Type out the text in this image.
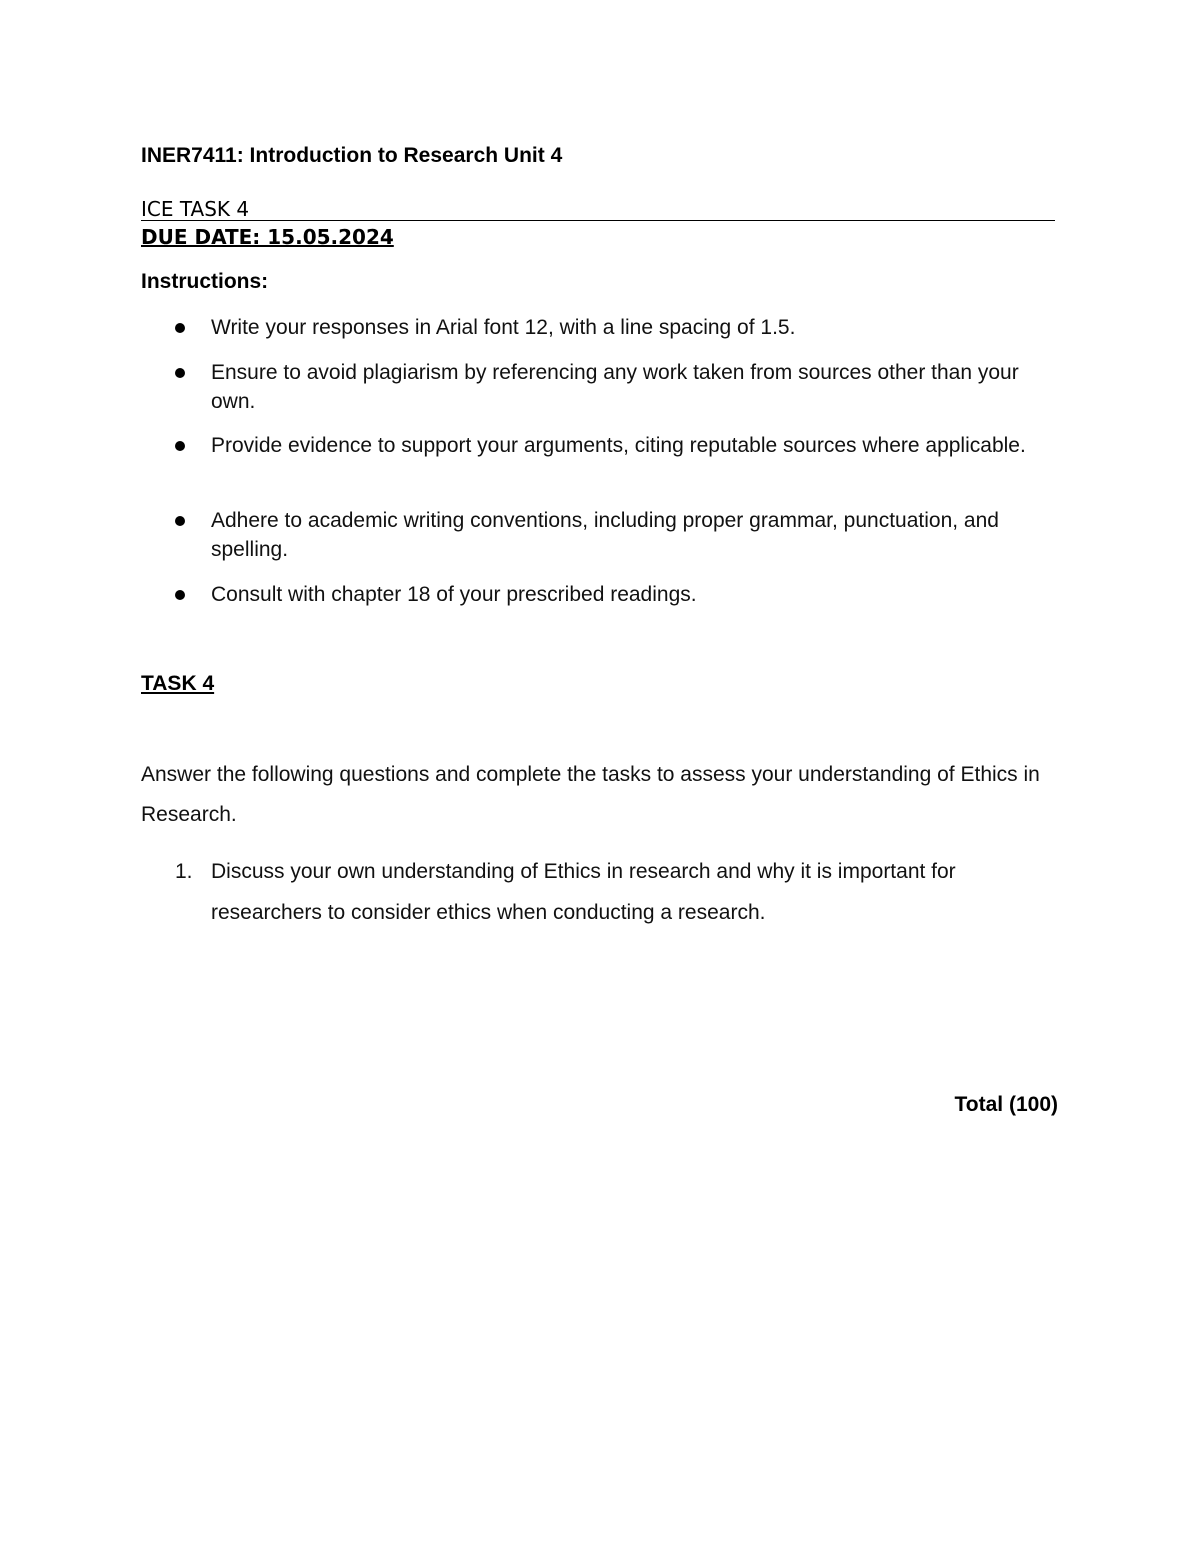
INER7411: Introduction to Research Unit 4
ICE TASK 4
DUE DATE: 15.05.2024
Instructions:
Write your responses in Arial font 12, with a line spacing of 1.5.
Ensure to avoid plagiarism by referencing any work taken from sources other than your own.
Provide evidence to support your arguments, citing reputable sources where applicable.
Adhere to academic writing conventions, including proper grammar, punctuation, and spelling.
Consult with chapter 18 of your prescribed readings.
TASK 4
Answer the following questions and complete the tasks to assess your understanding of Ethics in Research.
1. Discuss your own understanding of Ethics in research and why it is important for researchers to consider ethics when conducting a research.
Total (100)
